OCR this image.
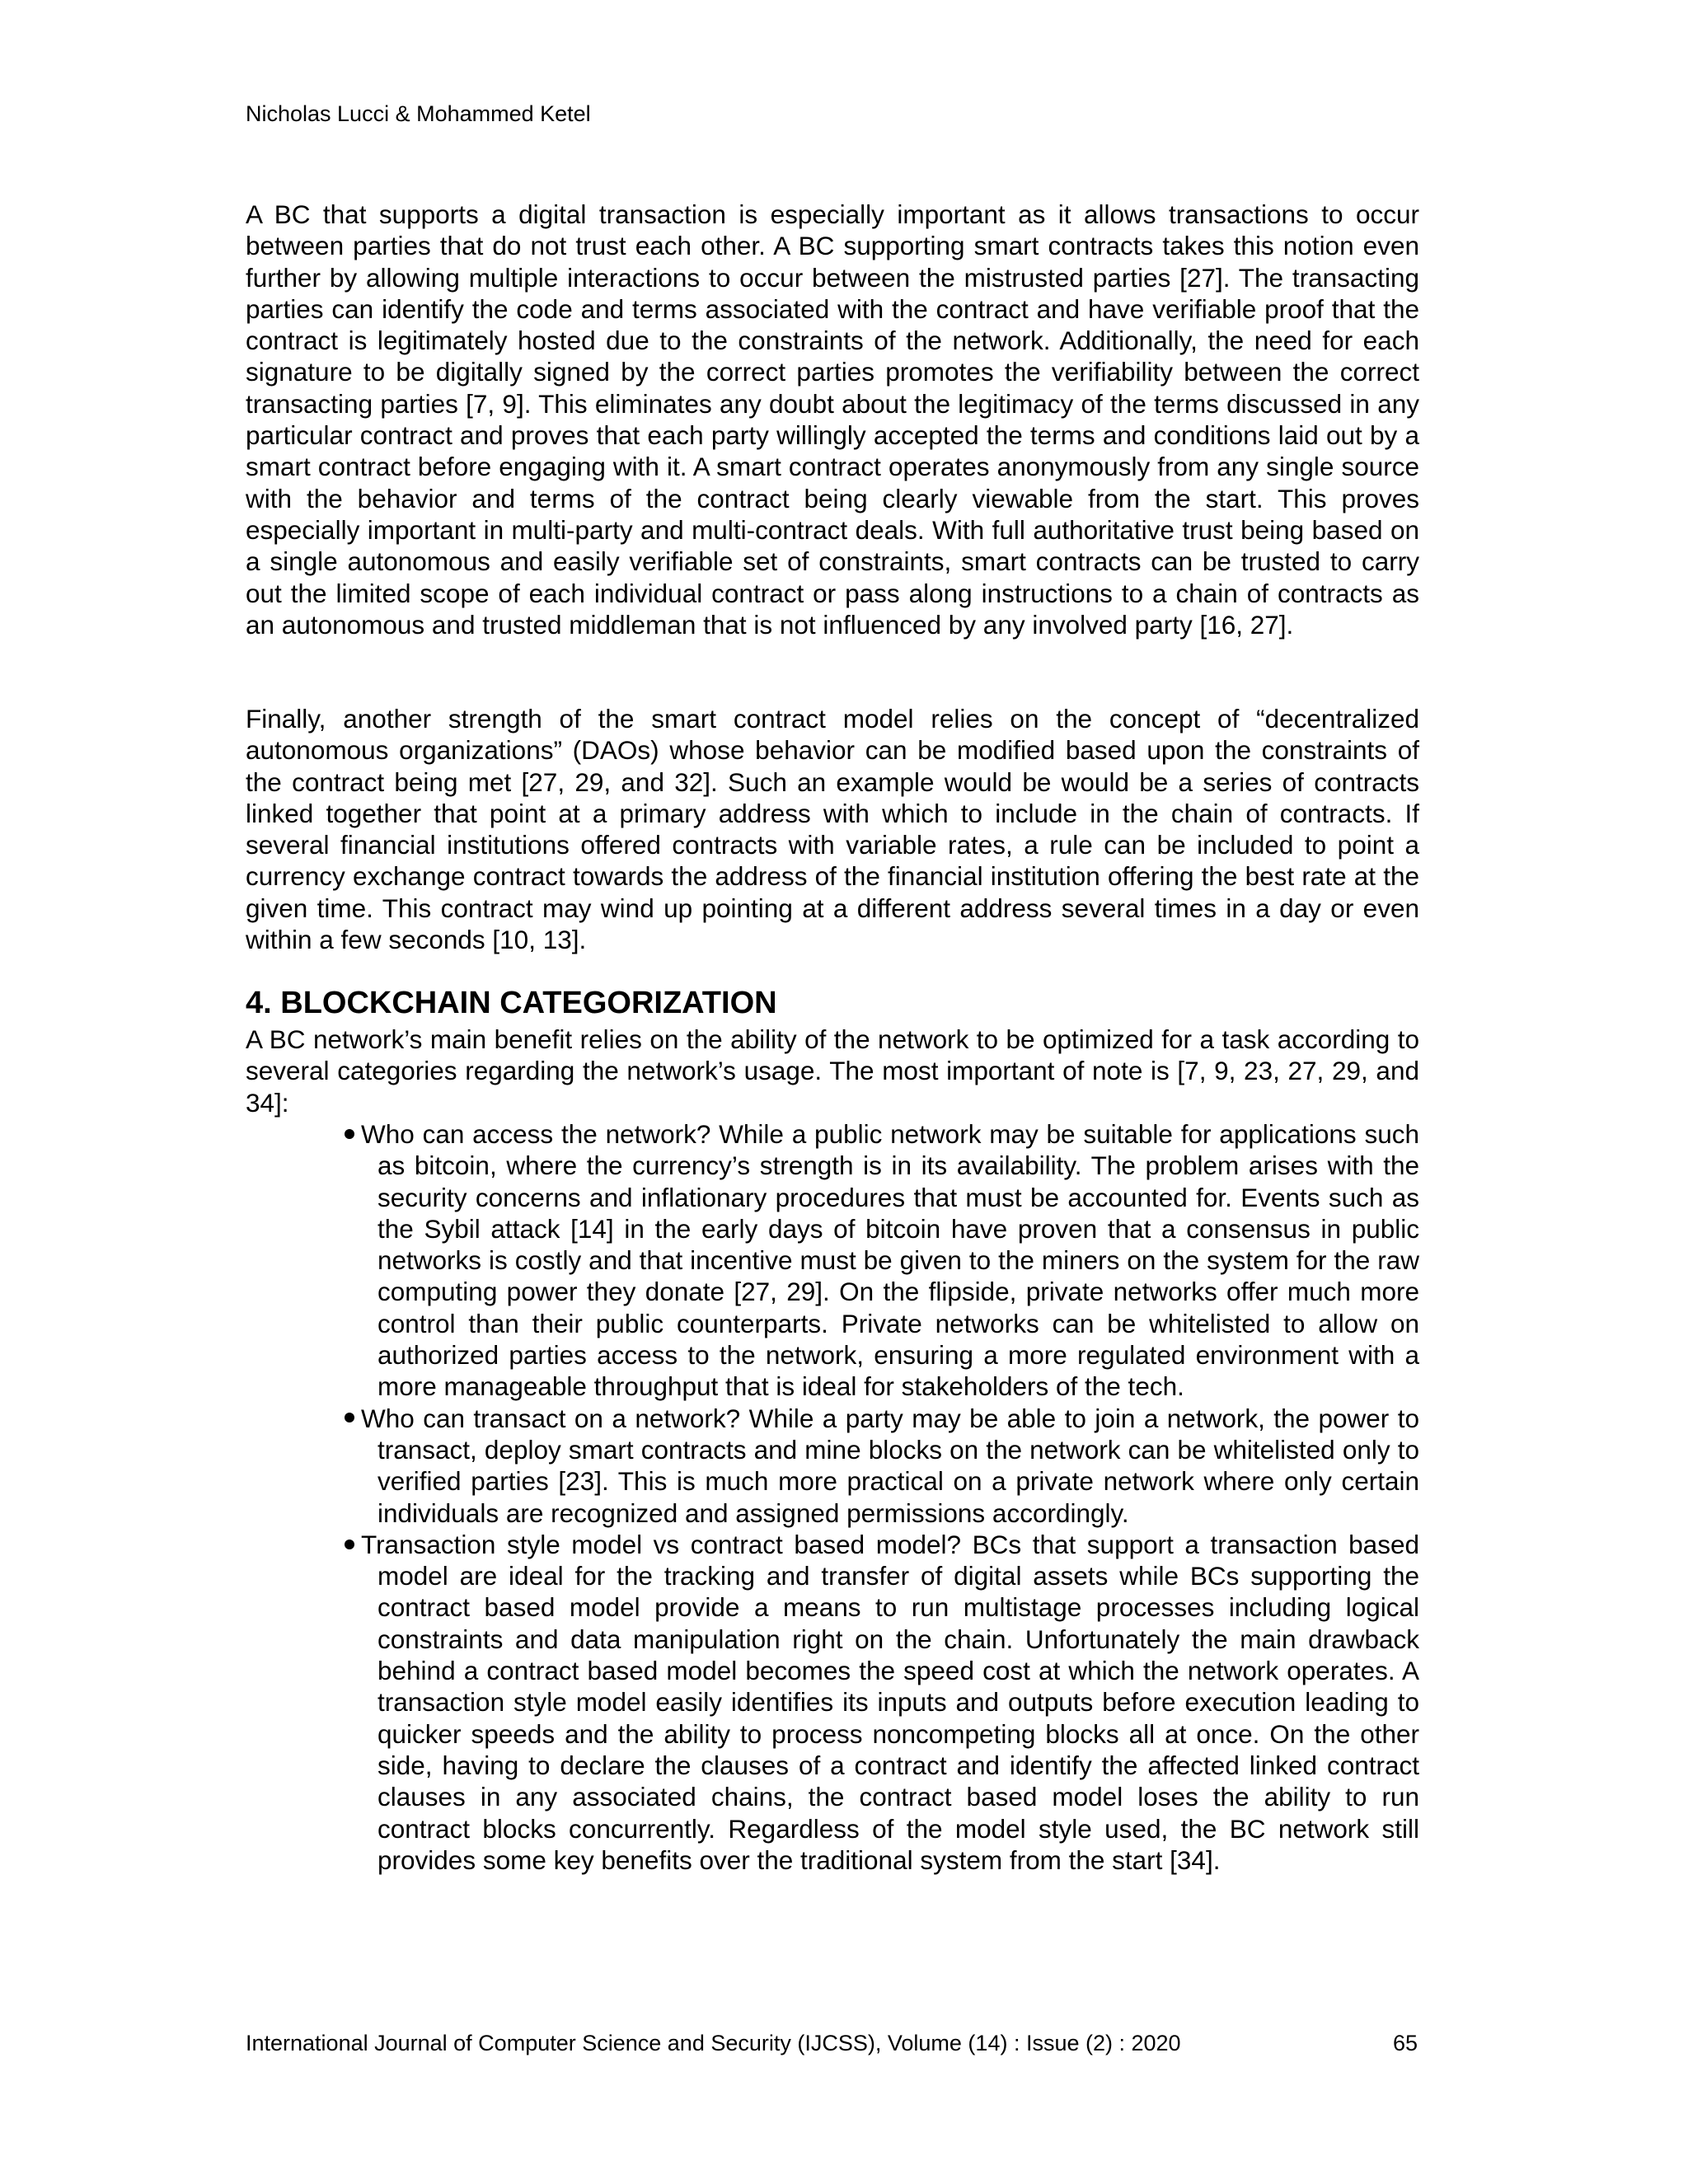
Nicholas Lucci & Mohammed Ketel

A BC that supports a digital transaction is especially important as it allows transactions to occur between parties that do not trust each other. A BC supporting smart contracts takes this notion even further by allowing multiple interactions to occur between the mistrusted parties [27]. The transacting parties can identify the code and terms associated with the contract and have verifiable proof that the contract is legitimately hosted due to the constraints of the network. Additionally, the need for each signature to be digitally signed by the correct parties promotes the verifiability between the correct transacting parties [7, 9]. This eliminates any doubt about the legitimacy of the terms discussed in any particular contract and proves that each party willingly accepted the terms and conditions laid out by a smart contract before engaging with it. A smart contract operates anonymously from any single source with the behavior and terms of the contract being clearly viewable from the start. This proves especially important in multi-party and multi-contract deals. With full authoritative trust being based on a single autonomous and easily verifiable set of constraints, smart contracts can be trusted to carry out the limited scope of each individual contract or pass along instructions to a chain of contracts as an autonomous and trusted middleman that is not influenced by any involved party [16, 27].

Finally, another strength of the smart contract model relies on the concept of “decentralized autonomous organizations” (DAOs) whose behavior can be modified based upon the constraints of the contract being met [27, 29, and 32]. Such an example would be would be a series of contracts linked together that point at a primary address with which to include in the chain of contracts. If several financial institutions offered contracts with variable rates, a rule can be included to point a currency exchange contract towards the address of the financial institution offering the best rate at the given time. This contract may wind up pointing at a different address several times in a day or even within a few seconds [10, 13].

4. BLOCKCHAIN CATEGORIZATION

A BC network’s main benefit relies on the ability of the network to be optimized for a task according to several categories regarding the network’s usage. The most important of note is [7, 9, 23, 27, 29, and 34]:

Who can access the network? While a public network may be suitable for applications such as bitcoin, where the currency’s strength is in its availability. The problem arises with the security concerns and inflationary procedures that must be accounted for. Events such as the Sybil attack [14] in the early days of bitcoin have proven that a consensus in public networks is costly and that incentive must be given to the miners on the system for the raw computing power they donate [27, 29]. On the flipside, private networks offer much more control than their public counterparts. Private networks can be whitelisted to allow on authorized parties access to the network, ensuring a more regulated environment with a more manageable throughput that is ideal for stakeholders of the tech.
Who can transact on a network? While a party may be able to join a network, the power to transact, deploy smart contracts and mine blocks on the network can be whitelisted only to verified parties [23]. This is much more practical on a private network where only certain individuals are recognized and assigned permissions accordingly.
Transaction style model vs contract based model? BCs that support a transaction based model are ideal for the tracking and transfer of digital assets while BCs supporting the contract based model provide a means to run multistage processes including logical constraints and data manipulation right on the chain. Unfortunately the main drawback behind a contract based model becomes the speed cost at which the network operates. A transaction style model easily identifies its inputs and outputs before execution leading to quicker speeds and the ability to process noncompeting blocks all at once. On the other side, having to declare the clauses of a contract and identify the affected linked contract clauses in any associated chains, the contract based model loses the ability to run contract blocks concurrently. Regardless of the model style used, the BC network still provides some key benefits over the traditional system from the start [34].
International Journal of Computer Science and Security (IJCSS), Volume (14) : Issue (2) : 2020	65
